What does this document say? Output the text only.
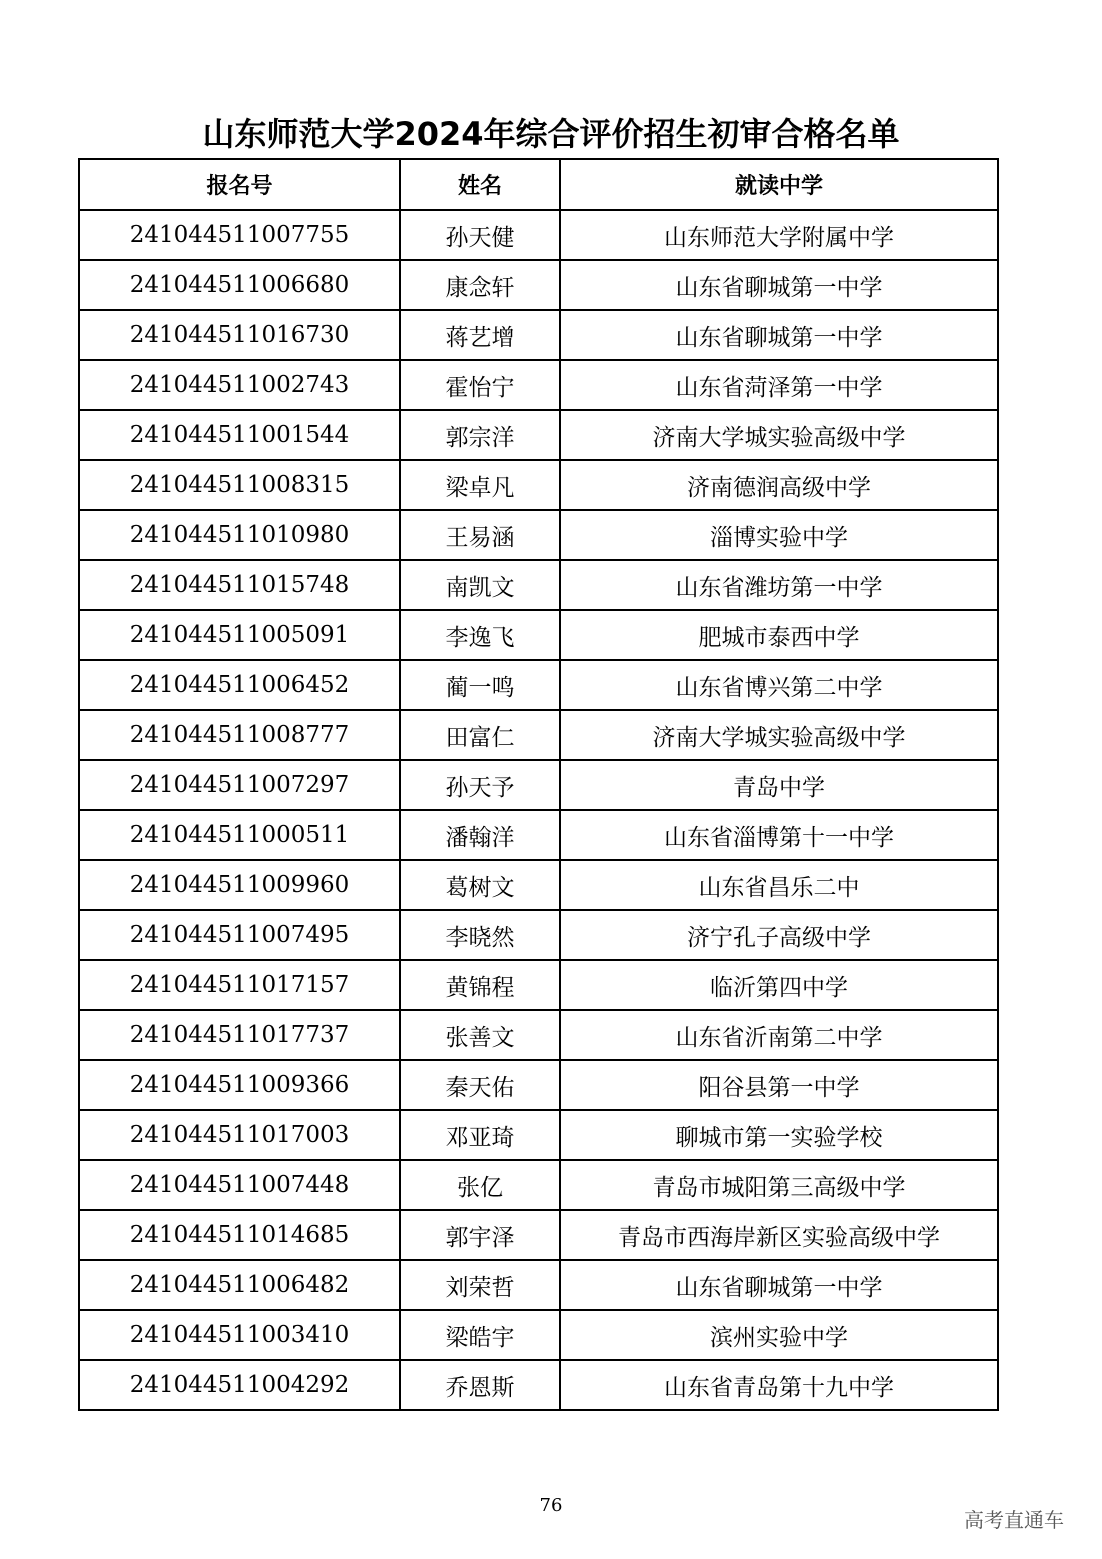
山东师范大学2024年综合评价招生初审合格名单
报名号	姓名	就读中学
241044511007755	孙天健	山东师范大学附属中学
241044511006680	康念轩	山东省聊城第一中学
241044511016730	蒋艺增	山东省聊城第一中学
241044511002743	霍怡宁	山东省菏泽第一中学
241044511001544	郭宗洋	济南大学城实验高级中学
241044511008315	梁卓凡	济南德润高级中学
241044511010980	王易涵	淄博实验中学
241044511015748	南凯文	山东省潍坊第一中学
241044511005091	李逸飞	肥城市泰西中学
241044511006452	蔺一鸣	山东省博兴第二中学
241044511008777	田富仁	济南大学城实验高级中学
241044511007297	孙天予	青岛中学
241044511000511	潘翰洋	山东省淄博第十一中学
241044511009960	葛树文	山东省昌乐二中
241044511007495	李晓然	济宁孔子高级中学
241044511017157	黄锦程	临沂第四中学
241044511017737	张善文	山东省沂南第二中学
241044511009366	秦天佑	阳谷县第一中学
241044511017003	邓亚琦	聊城市第一实验学校
241044511007448	张亿	青岛市城阳第三高级中学
241044511014685	郭宇泽	青岛市西海岸新区实验高级中学
241044511006482	刘荣哲	山东省聊城第一中学
241044511003410	梁皓宇	滨州实验中学
241044511004292	乔恩斯	山东省青岛第十九中学
76
高考直通车
